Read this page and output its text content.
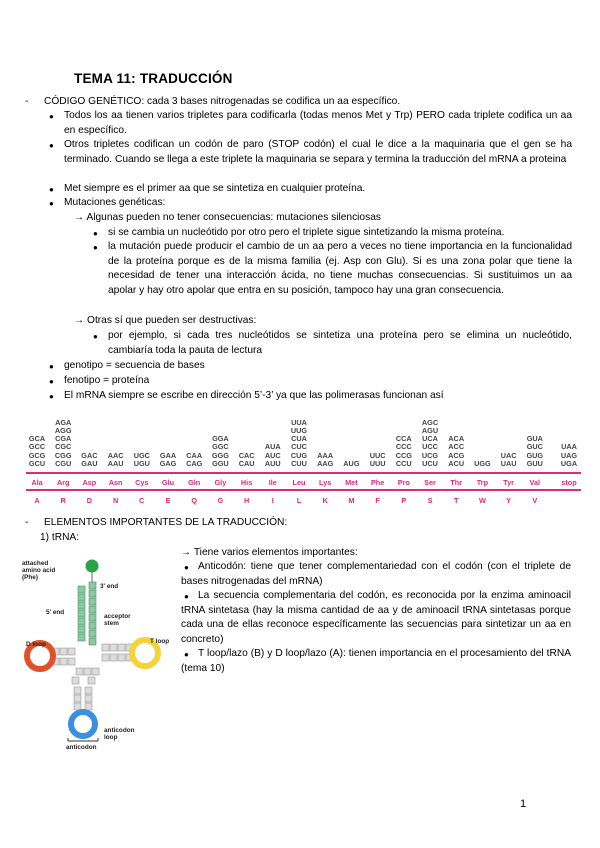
TEMA 11: TRADUCCIÓN
- CÓDIGO GENÉTICO: cada 3 bases nitrogenadas se codifica un aa específico.
● Todos los aa tienen varios tripletes para codificarla (todas menos Met y Trp) PERO cada triplete codifica un aa en específico.
● Otros tripletes codifican un codón de paro (STOP codón) el cual le dice a la maquinaria que el gen se ha terminado. Cuando se llega a este triplete la maquinaria se separa y termina la traducción del mRNA a proteina
● Met siempre es el primer aa que se sintetiza en cualquier proteína.
● Mutaciones genéticas:
→ Algunas pueden no tener consecuencias: mutaciones silenciosas
● si se cambia un nucleótido por otro pero el triplete sigue sintetizando la misma proteína.
● la mutación puede producir el cambio de un aa pero a veces no tiene importancia en la funcionalidad de la proteína porque es de la misma familia (ej. Asp con Glu). Si es una zona polar que tiene la necesidad de tener una interacción ácida, no tiene muchas consecuencias. Si sustituimos un aa apolar y hay otro apolar que entra en su posición, tampoco hay una gran consecuencia.
→ Otras sí que pueden ser destructivas:
● por ejemplo, si cada tres nucleótidos se sintetiza una proteína pero se elimina un nucleótido, cambiaría toda la pauta de lectura
● genotipo = secuencia de bases
● fenotipo = proteína
● El mRNA siempre se escribe en dirección 5’-3’ ya que las polimerasas funcionan así
GCA
GCC
GCG
GCU
Ala
A
AGA
AGG
CGA
CGC
CGG
CGU
Arg
R
GAC
GAU
Asp
D
AAC
AAU
Asn
N
UGC
UGU
Cys
C
GAA
GAG
Glu
E
CAA
CAG
Gln
Q
GGA
GGC
GGG
GGU
Gly
G
CAC
CAU
His
H
AUA
AUC
AUU
Ile
I
UUA
UUG
CUA
CUC
CUG
CUU
Leu
L
AAA
AAG
Lys
K
AUG
Met
M
UUC
UUU
Phe
F
CCA
CCC
CCG
CCU
Pro
P
AGC
AGU
UCA
UCC
UCG
UCU
Ser
S
ACA
ACC
ACG
ACU
Thr
T
UGG
Trp
W
UAC
UAU
Tyr
Y
GUA
GUC
GUG
GUU
Val
V
UAA
UAG
UGA
stop
- ELEMENTOS IMPORTANTES DE LA TRADUCCIÓN:
1) tRNA:
→ Tiene varios elementos importantes:
● Anticodón: tiene que tener complementariedad con el codón (con el triplete de bases nitrogenadas del mRNA)
● La secuencia complementaria del codón, es reconocida por la enzima aminoacil tRNA sintetasa (hay la misma cantidad de aa y de aminoacil tRNA sintetasas porque cada una de ellas reconoce específicamente las secuencias para sintetizar un aa en concreto)
● T loop/lazo (B) y D loop/lazo (A): tienen importancia en el procesamiento del tRNA (tema 10)
attached amino acid (Phe)
3' end
5' end
acceptor stem
D loop	T loop
anticodon loop
anticodon
1
